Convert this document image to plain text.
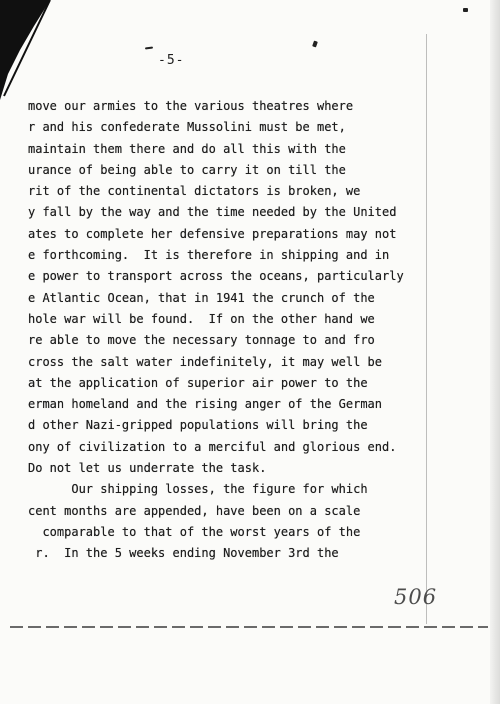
-5-
move our armies to the various theatres where
r and his confederate Mussolini must be met,
maintain them there and do all this with the
urance of being able to carry it on till the
rit of the continental dictators is broken, we
y fall by the way and the time needed by the United
ates to complete her defensive preparations may not
e forthcoming.  It is therefore in shipping and in
e power to transport across the oceans, particularly
e Atlantic Ocean, that in 1941 the crunch of the
hole war will be found.  If on the other hand we
re able to move the necessary tonnage to and fro
cross the salt water indefinitely, it may well be
at the application of superior air power to the
erman homeland and the rising anger of the German
d other Nazi-gripped populations will bring the
ony of civilization to a merciful and glorious end.
Do not let us underrate the task.
Our shipping losses, the figure for which
cent months are appended, have been on a scale
comparable to that of the worst years of the
r.  In the 5 weeks ending November 3rd the
506
